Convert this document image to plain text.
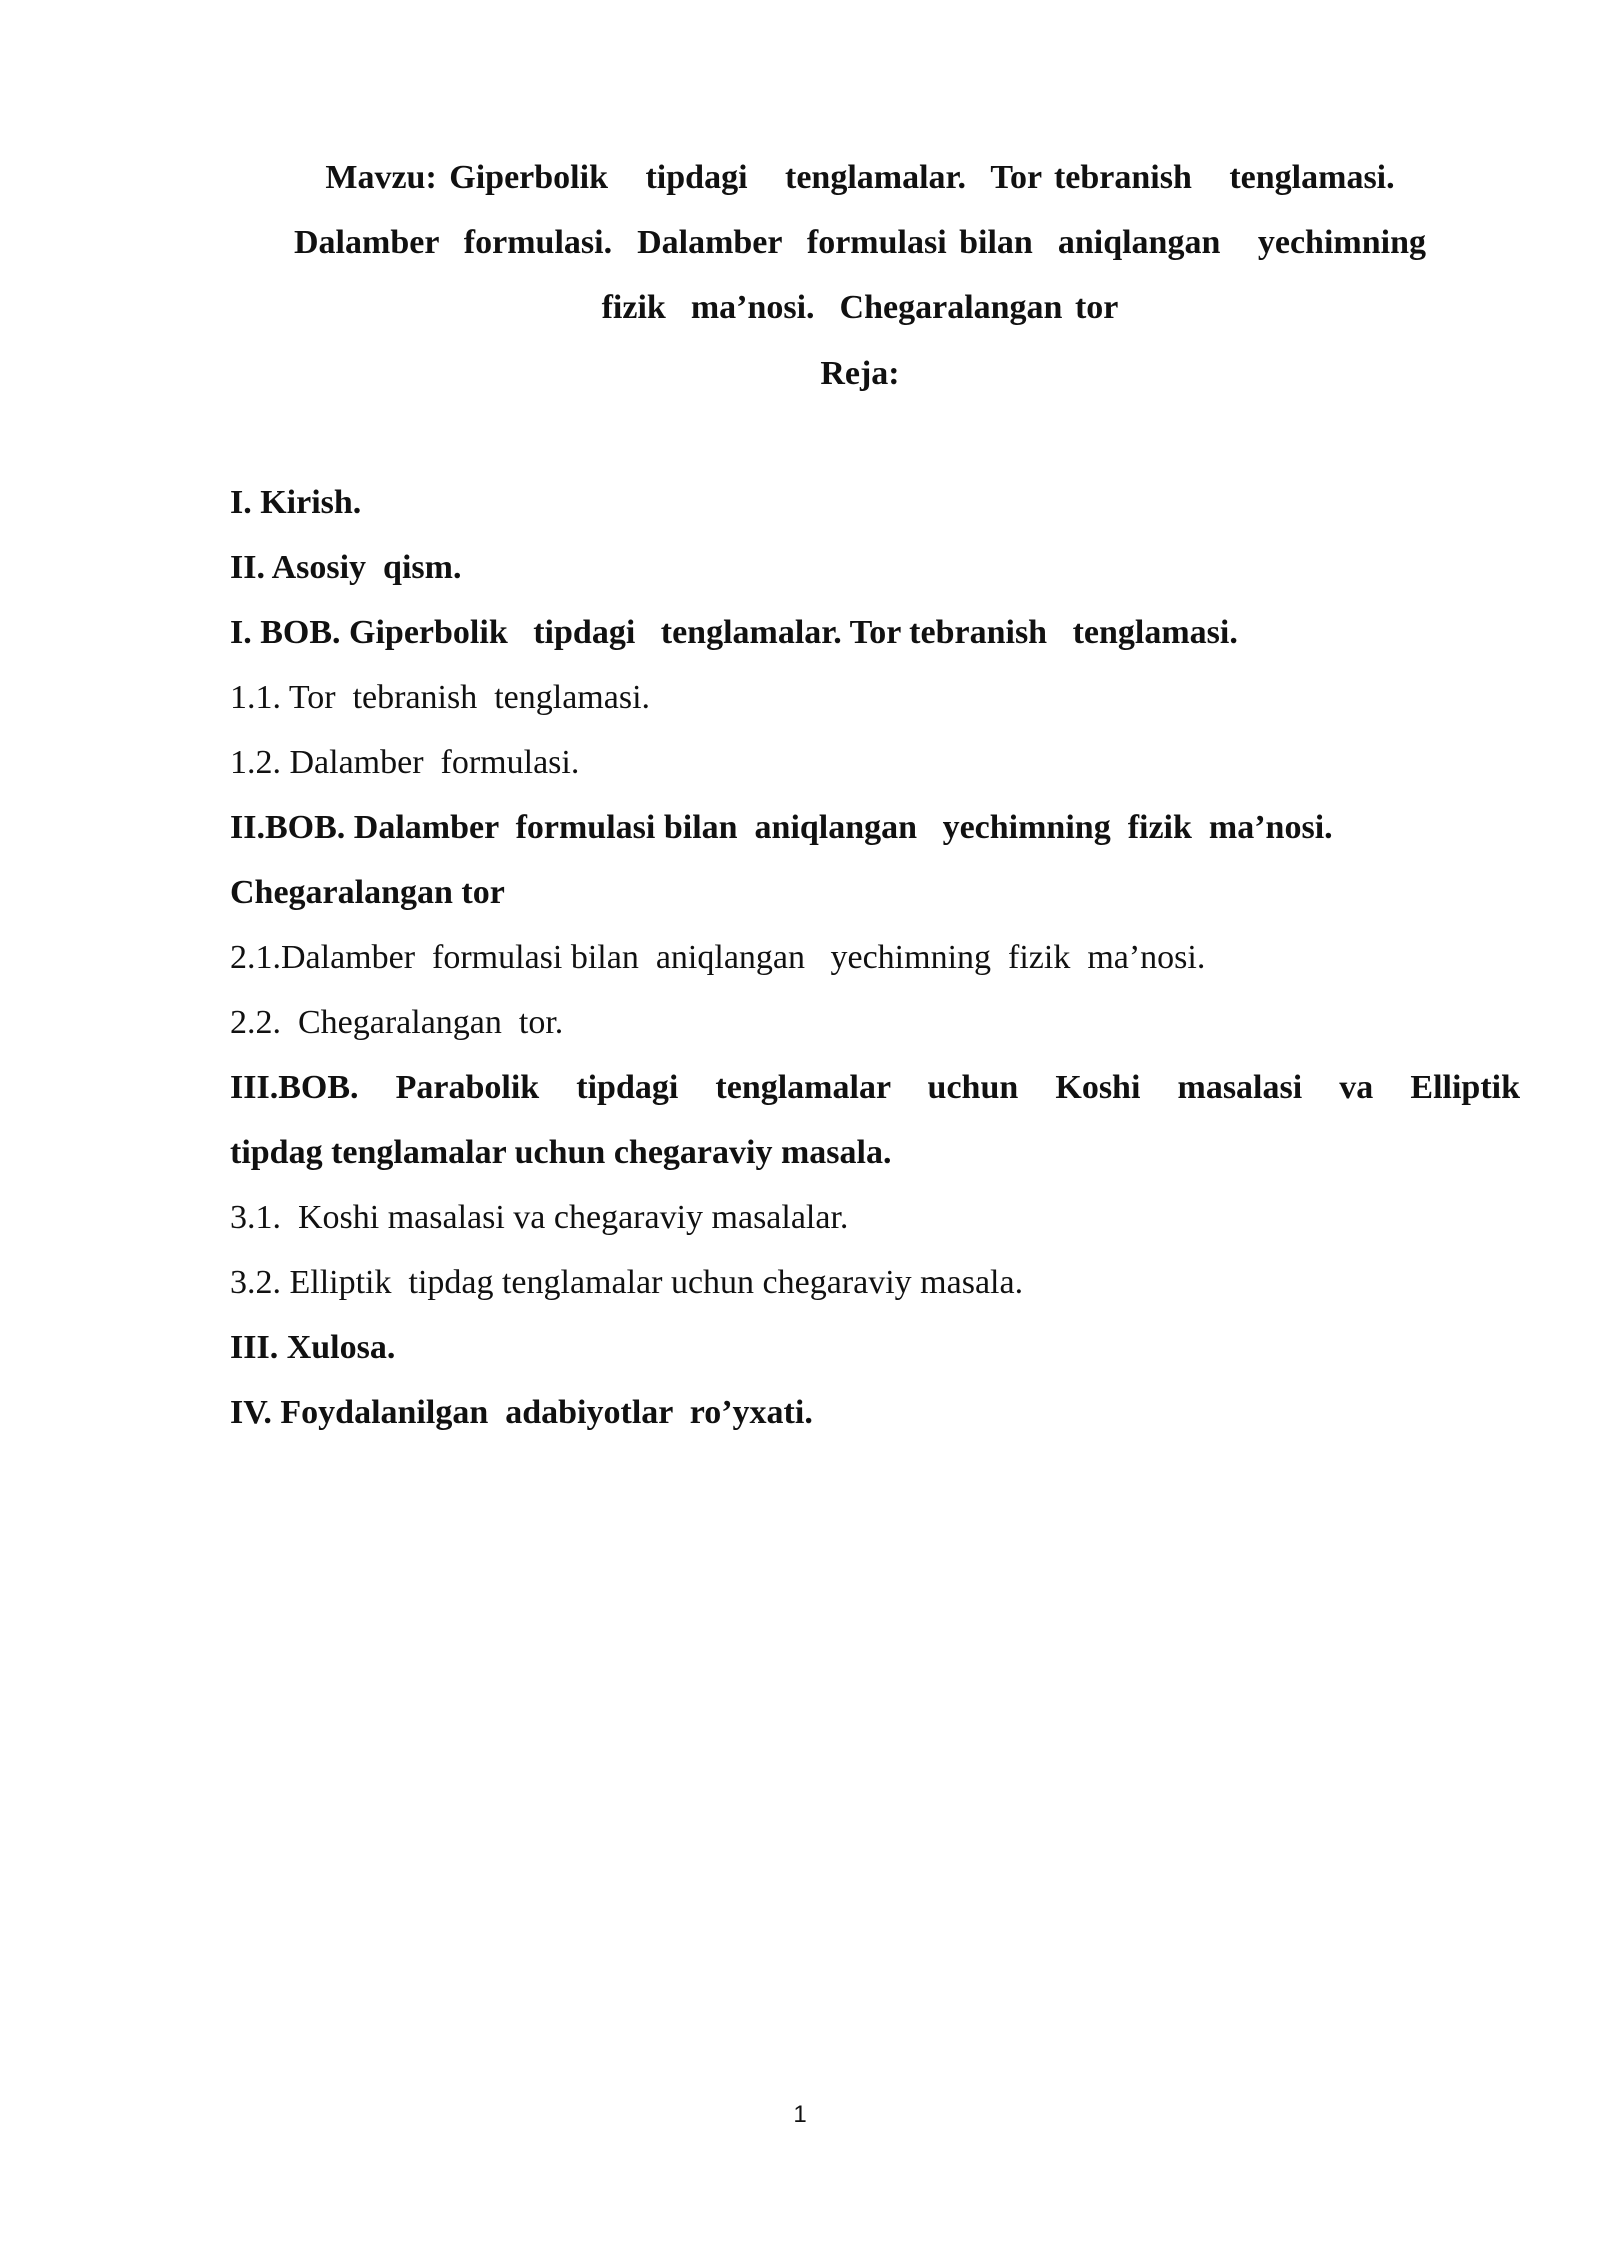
Mavzu: Giperbolik   tipdagi   tenglamalar.  Tor tebranish   tenglamasi.
Dalamber  formulasi.  Dalamber  formulasi bilan  aniqlangan   yechimning
fizik  ma’nosi.  Chegaralangan tor
Reja:
I. Kirish.
II. Asosiy  qism.
I. BOB. Giperbolik   tipdagi   tenglamalar. Tor tebranish   tenglamasi.
1.1. Tor  tebranish  tenglamasi.
1.2. Dalamber  formulasi.
II.BOB. Dalamber  formulasi bilan  aniqlangan   yechimning  fizik  ma’nosi.
Chegaralangan tor
2.1.Dalamber  formulasi bilan  aniqlangan   yechimning  fizik  ma’nosi.
2.2.  Chegaralangan  tor.
III.BOB. Parabolik tipdagi tenglamalar uchun Koshi masalasi va Elliptik
tipdag tenglamalar uchun chegaraviy masala.
3.1.  Koshi masalasi va chegaraviy masalalar.
3.2. Elliptik  tipdag tenglamalar uchun chegaraviy masala.
III. Xulosa.
IV. Foydalanilgan  adabiyotlar  ro’yxati.
1
